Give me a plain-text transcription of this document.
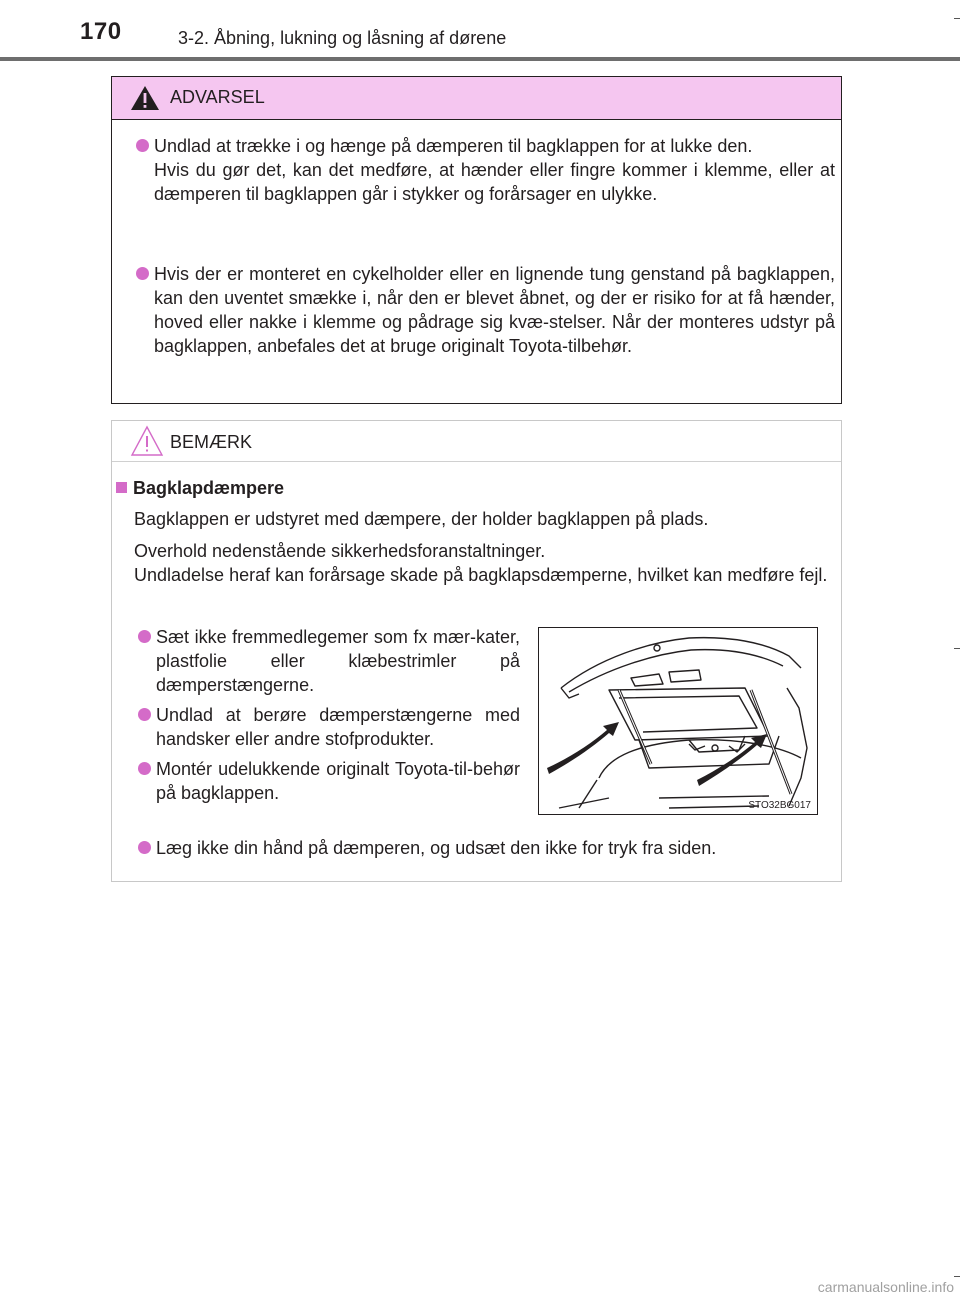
170	3-2. Åbning, lukning og låsning af dørene
ADVARSEL
Undlad at trække i og hænge på dæmperen til bagklappen for at lukke den.
Hvis du gør det, kan det medføre, at hænder eller fingre kommer i klemme, eller at dæmperen til bagklappen går i stykker og forårsager en ulykke.
Hvis der er monteret en cykelholder eller en lignende tung genstand på bagklappen, kan den uventet smække i, når den er blevet åbnet, og der er risiko for at få hænder, hoved eller nakke i klemme og pådrage sig kvæ-stelser. Når der monteres udstyr på bagklappen, anbefales det at bruge originalt Toyota-tilbehør.
BEMÆRK
Bagklapdæmpere
Bagklappen er udstyret med dæmpere, der holder bagklappen på plads.
Overhold nedenstående sikkerhedsforanstaltninger.
Undladelse heraf kan forårsage skade på bagklapsdæmperne, hvilket kan medføre fejl.
Sæt ikke fremmedlegemer som fx mær-kater, plastfolie eller klæbestrimler på dæmperstængerne.
Undlad at berøre dæmperstængerne med handsker eller andre stofprodukter.
Montér udelukkende originalt Toyota-til-behør på bagklappen.
Læg ikke din hånd på dæmperen, og udsæt den ikke for tryk fra siden.
STO32BG017
carmanualsonline.info
